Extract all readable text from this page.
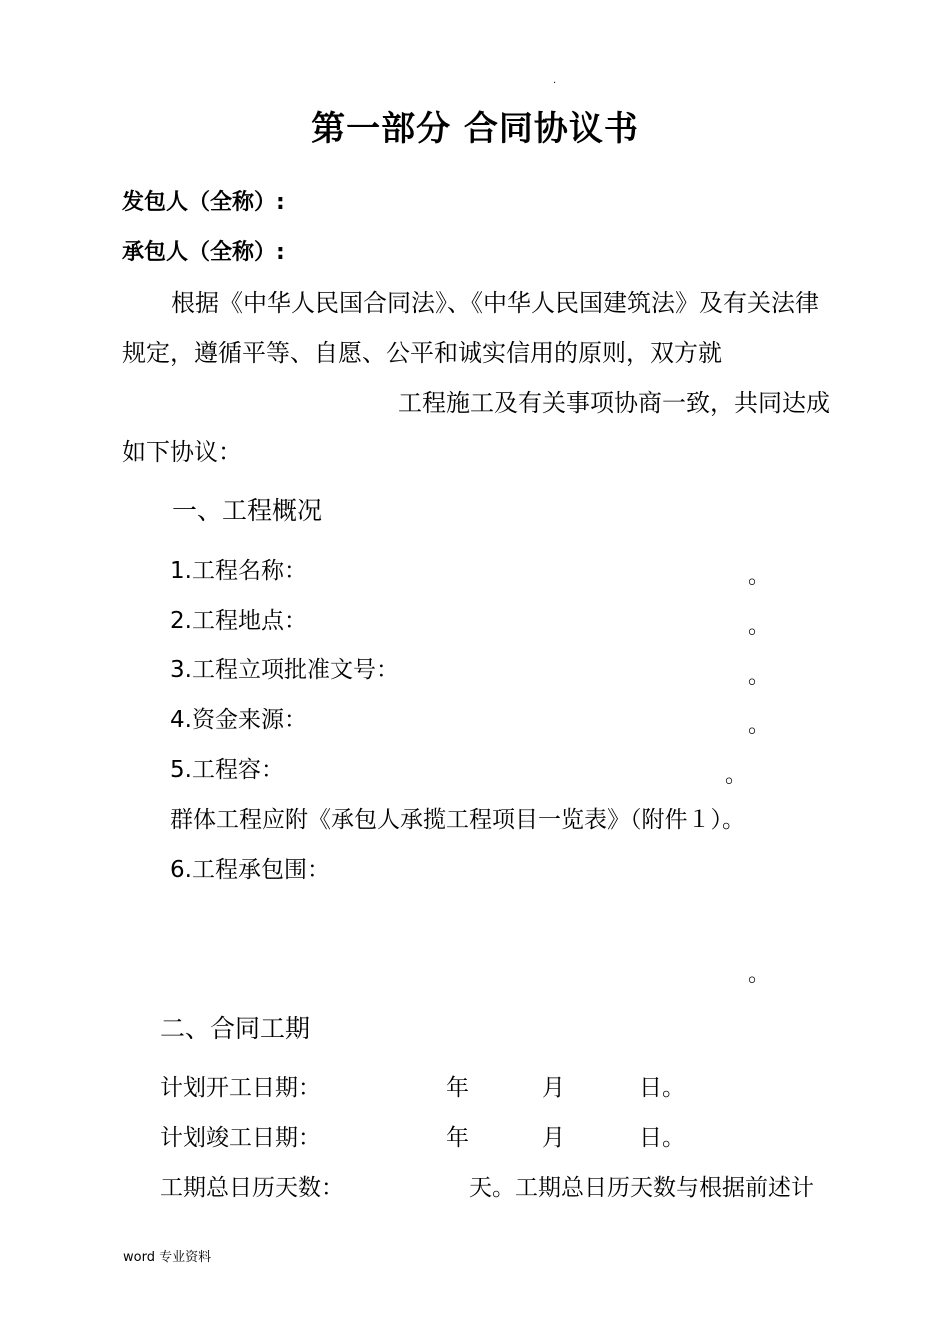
.
第一部分 合同协议书
发包人（全称）:
承包人（全称）:
根据《中华人民国合同法》、《中华人民国建筑法》及有关法律
规定，遵循平等、自愿、公平和诚实信用的原则，双方就
工程施工及有关事项协商一致，共同达成
如下协议：
一、工程概况
1.工程名称：	。
2.工程地点：	。
3.工程立项批准文号：	。
4.资金来源：	。
5.工程容：	。
群体工程应附《承包人承揽工程项目一览表》（附件１）。
6.工程承包围：
。
二、合同工期
计划开工日期：	年	月	日。
计划竣工日期：	年	月	日。
工期总日历天数：	天。工期总日历天数与根据前述计
word 专业资料
